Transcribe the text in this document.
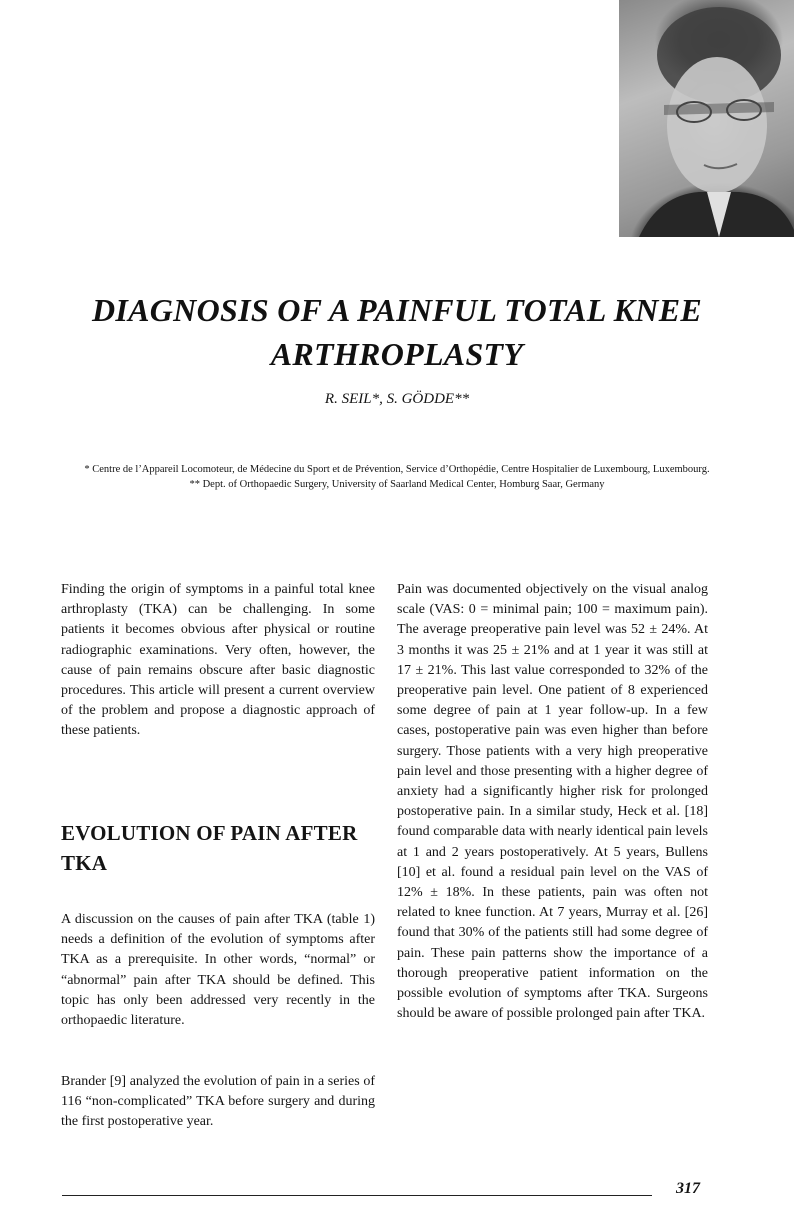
DIAGNOSIS OF A PAINFUL TOTAL KNEE ARTHROPLASTY
R. SEIL*, S. GÖDDE**
* Centre de l’Appareil Locomoteur, de Médecine du Sport et de Prévention, Service d’Orthopédie, Centre Hospitalier de Luxembourg, Luxembourg.
** Dept. of Orthopaedic Surgery, University of Saarland Medical Center, Homburg Saar, Germany

Finding the origin of symptoms in a painful total knee arthroplasty (TKA) can be challenging. In some patients it becomes obvious after physical or routine radiographic examinations. Very often, however, the cause of pain remains obscure after basic diagnostic procedures. This article will present a current overview of the problem and propose a diagnostic approach of these patients.

EVOLUTION OF PAIN AFTER TKA

A discussion on the causes of pain after TKA (table 1) needs a definition of the evolution of symptoms after TKA as a prerequisite. In other words, “normal” or “abnormal” pain after TKA should be defined. This topic has only been addressed very recently in the orthopaedic literature.

Brander [9] analyzed the evolution of pain in a series of 116 “non-complicated” TKA before surgery and during the first postoperative year.

Pain was documented objectively on the visual analog scale (VAS: 0 = minimal pain; 100 = maximum pain). The average preoperative pain level was 52 ± 24%. At 3 months it was 25 ± 21% and at 1 year it was still at 17 ± 21%. This last value corresponded to 32% of the preoperative pain level. One patient of 8 experienced some degree of pain at 1 year follow-up. In a few cases, postoperative pain was even higher than before surgery. Those patients with a very high preoperative pain level and those presenting with a higher degree of anxiety had a significantly higher risk for prolonged postoperative pain. In a similar study, Heck et al. [18] found comparable data with nearly identical pain levels at 1 and 2 years postoperatively. At 5 years, Bullens [10] et al. found a residual pain level on the VAS of 12% ± 18%. In these patients, pain was often not related to knee function. At 7 years, Murray et al. [26] found that 30% of the patients still had some degree of pain. These pain patterns show the importance of a thorough preoperative patient information on the possible evolution of symptoms after TKA. Surgeons should be aware of possible prolonged pain after TKA.

317
